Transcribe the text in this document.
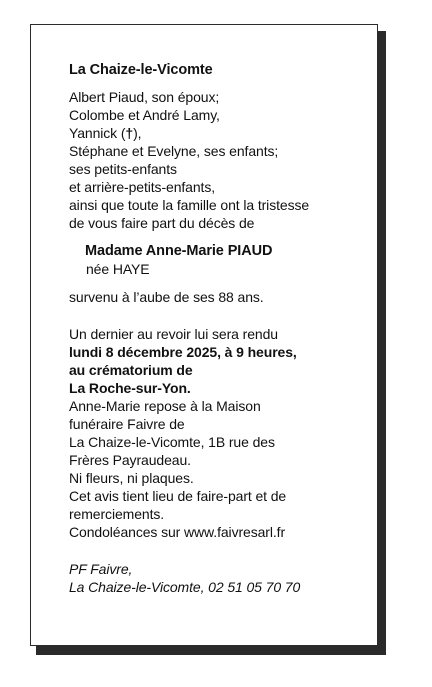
La Chaize-le-Vicomte
Albert Piaud, son époux;
Colombe et André Lamy,
Yannick (†),
Stéphane et Evelyne, ses enfants;
ses petits-enfants
et arrière-petits-enfants,
ainsi que toute la famille ont la tristesse
de vous faire part du décès de
Madame Anne-Marie PIAUD
née HAYE
survenu à l’aube de ses 88 ans.
Un dernier au revoir lui sera rendu
lundi 8 décembre 2025, à 9 heures,
au crématorium de
La Roche-sur-Yon.
Anne-Marie repose à la Maison
funéraire Faivre de
La Chaize-le-Vicomte, 1B rue des
Frères Payraudeau.
Ni fleurs, ni plaques.
Cet avis tient lieu de faire-part et de
remerciements.
Condoléances sur www.faivresarl.fr
PF Faivre,
La Chaize-le-Vicomte, 02 51 05 70 70
